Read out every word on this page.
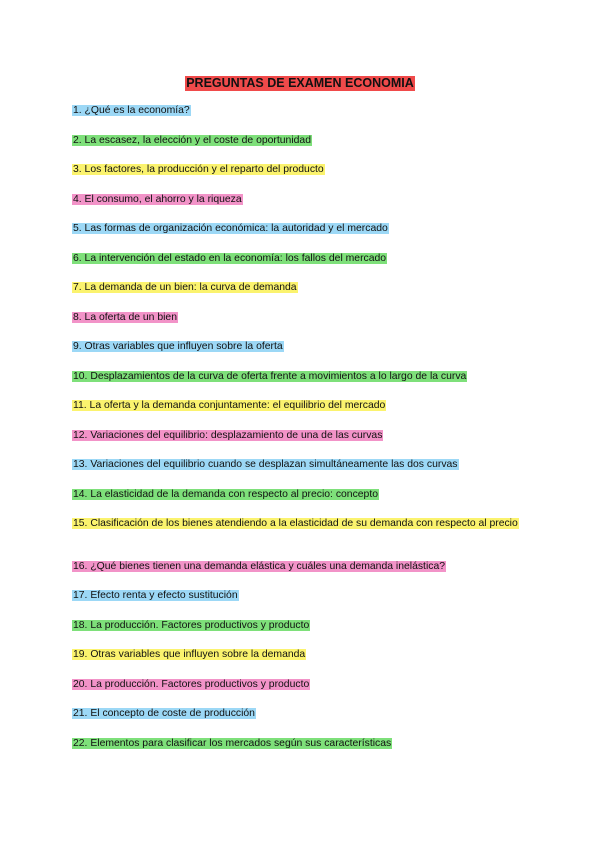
PREGUNTAS DE EXAMEN ECONOMIA
1. ¿Qué es la economía?
2. La escasez, la elección y el coste de oportunidad
3. Los factores, la producción y el reparto del producto
4. El consumo, el ahorro y la riqueza
5. Las formas de organización económica: la autoridad y el mercado
6. La intervención del estado en la economía: los fallos del mercado
7. La demanda de un bien: la curva de demanda
8. La oferta de un bien
9. Otras variables que influyen sobre la oferta
10. Desplazamientos de la curva de oferta frente a movimientos a lo largo de la curva
11. La oferta y la demanda conjuntamente: el equilibrio del mercado
12. Variaciones del equilibrio: desplazamiento de una de las curvas
13. Variaciones del equilibrio cuando se desplazan simultáneamente las dos curvas
14. La elasticidad de la demanda con respecto al precio: concepto
15. Clasificación de los bienes atendiendo a la elasticidad de su demanda con respecto al precio
16. ¿Qué bienes tienen una demanda elástica y cuáles una demanda inelástica?
17. Efecto renta y efecto sustitución
18. La producción. Factores productivos y producto
19. Otras variables que influyen sobre la demanda
20. La producción. Factores productivos y producto
21. El concepto de coste de producción
22. Elementos para clasificar los mercados según sus características
